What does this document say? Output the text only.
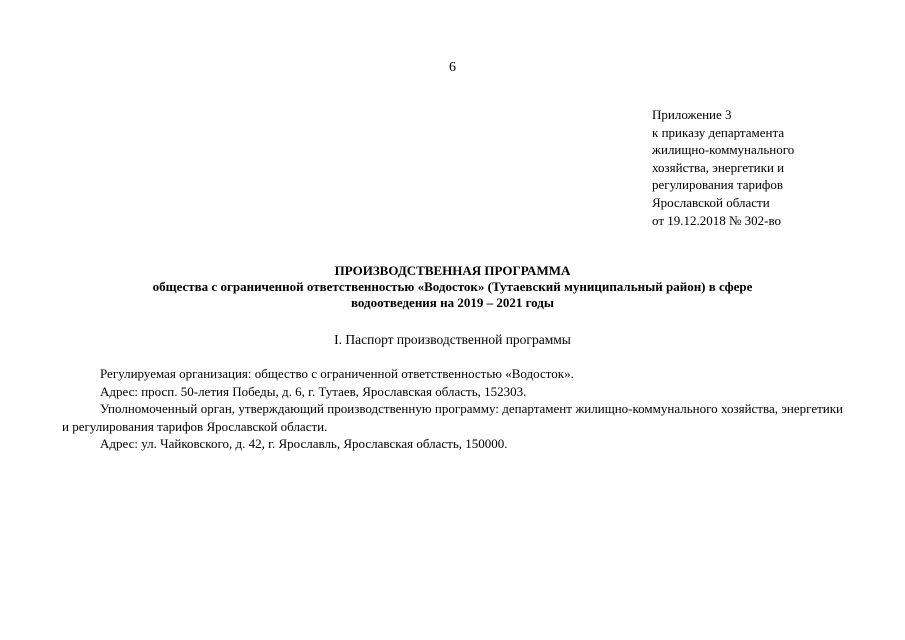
6
Приложение 3
к приказу департамента
жилищно-коммунального
хозяйства, энергетики и
регулирования тарифов
Ярославской области
от 19.12.2018 № 302-во
ПРОИЗВОДСТВЕННАЯ ПРОГРАММА
общества с ограниченной ответственностью «Водосток» (Тутаевский муниципальный район) в сфере
водоотведения на 2019 – 2021 годы
I. Паспорт производственной программы

Регулируемая организация: общество с ограниченной ответственностью «Водосток».

Адрес: просп. 50-летия Победы, д. 6, г. Тутаев, Ярославская область, 152303.

Уполномоченный орган, утверждающий производственную программу: департамент жилищно-коммунального хозяйства, энергетики и регулирования тарифов Ярославской области.

Адрес: ул. Чайковского, д. 42, г. Ярославль, Ярославская область, 150000.
